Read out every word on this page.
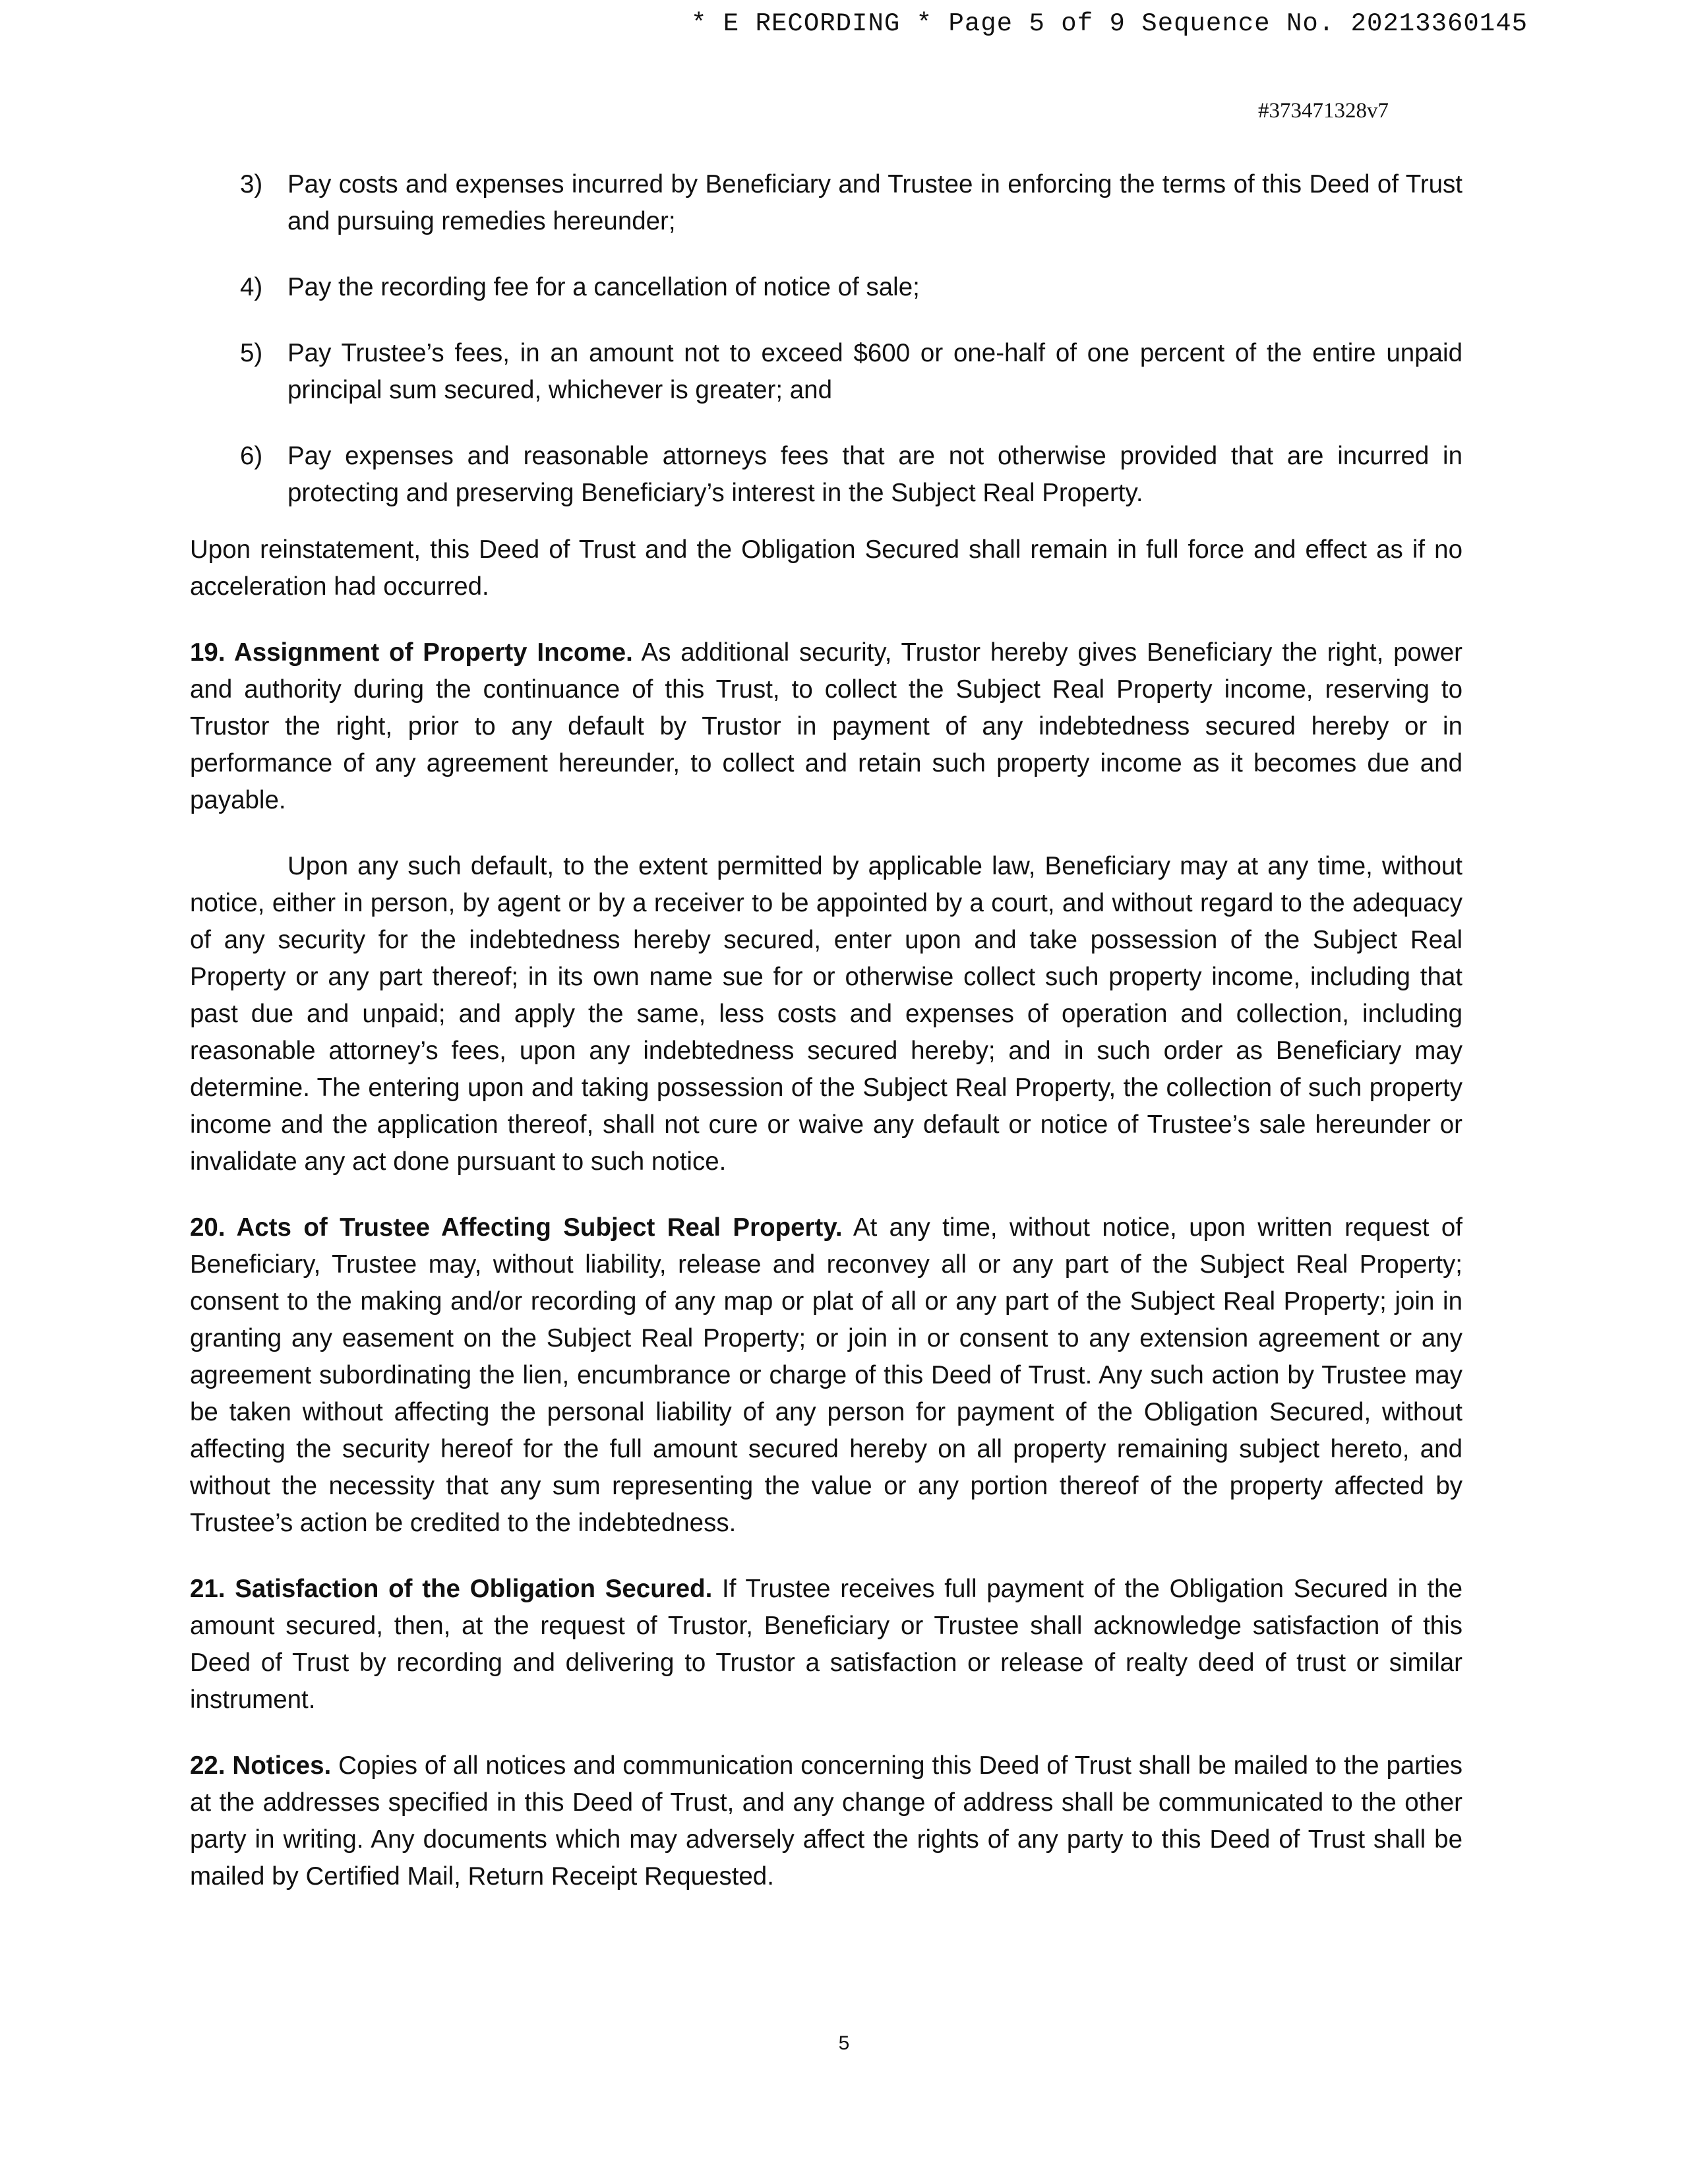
* E RECORDING * Page 5 of 9 Sequence No. 20213360145
#373471328v7
3) Pay costs and expenses incurred by Beneficiary and Trustee in enforcing the terms of this Deed of Trust and pursuing remedies hereunder;
4) Pay the recording fee for a cancellation of notice of sale;
5) Pay Trustee’s fees, in an amount not to exceed $600 or one-half of one percent of the entire unpaid principal sum secured, whichever is greater; and
6) Pay expenses and reasonable attorneys fees that are not otherwise provided that are incurred in protecting and preserving Beneficiary’s interest in the Subject Real Property.

Upon reinstatement, this Deed of Trust and the Obligation Secured shall remain in full force and effect as if no acceleration had occurred.

19. Assignment of Property Income. As additional security, Trustor hereby gives Beneficiary the right, power and authority during the continuance of this Trust, to collect the Subject Real Property income, reserving to Trustor the right, prior to any default by Trustor in payment of any indebtedness secured hereby or in performance of any agreement hereunder, to collect and retain such property income as it becomes due and payable.

Upon any such default, to the extent permitted by applicable law, Beneficiary may at any time, without notice, either in person, by agent or by a receiver to be appointed by a court, and without regard to the adequacy of any security for the indebtedness hereby secured, enter upon and take possession of the Subject Real Property or any part thereof; in its own name sue for or otherwise collect such property income, including that past due and unpaid; and apply the same, less costs and expenses of operation and collection, including reasonable attorney’s fees, upon any indebtedness secured hereby; and in such order as Beneficiary may determine. The entering upon and taking possession of the Subject Real Property, the collection of such property income and the application thereof, shall not cure or waive any default or notice of Trustee’s sale hereunder or invalidate any act done pursuant to such notice.

20. Acts of Trustee Affecting Subject Real Property. At any time, without notice, upon written request of Beneficiary, Trustee may, without liability, release and reconvey all or any part of the Subject Real Property; consent to the making and/or recording of any map or plat of all or any part of the Subject Real Property; join in granting any easement on the Subject Real Property; or join in or consent to any extension agreement or any agreement subordinating the lien, encumbrance or charge of this Deed of Trust. Any such action by Trustee may be taken without affecting the personal liability of any person for payment of the Obligation Secured, without affecting the security hereof for the full amount secured hereby on all property remaining subject hereto, and without the necessity that any sum representing the value or any portion thereof of the property affected by Trustee’s action be credited to the indebtedness.

21. Satisfaction of the Obligation Secured. If Trustee receives full payment of the Obligation Secured in the amount secured, then, at the request of Trustor, Beneficiary or Trustee shall acknowledge satisfaction of this Deed of Trust by recording and delivering to Trustor a satisfaction or release of realty deed of trust or similar instrument.

22. Notices. Copies of all notices and communication concerning this Deed of Trust shall be mailed to the parties at the addresses specified in this Deed of Trust, and any change of address shall be communicated to the other party in writing. Any documents which may adversely affect the rights of any party to this Deed of Trust shall be mailed by Certified Mail, Return Receipt Requested.

5
